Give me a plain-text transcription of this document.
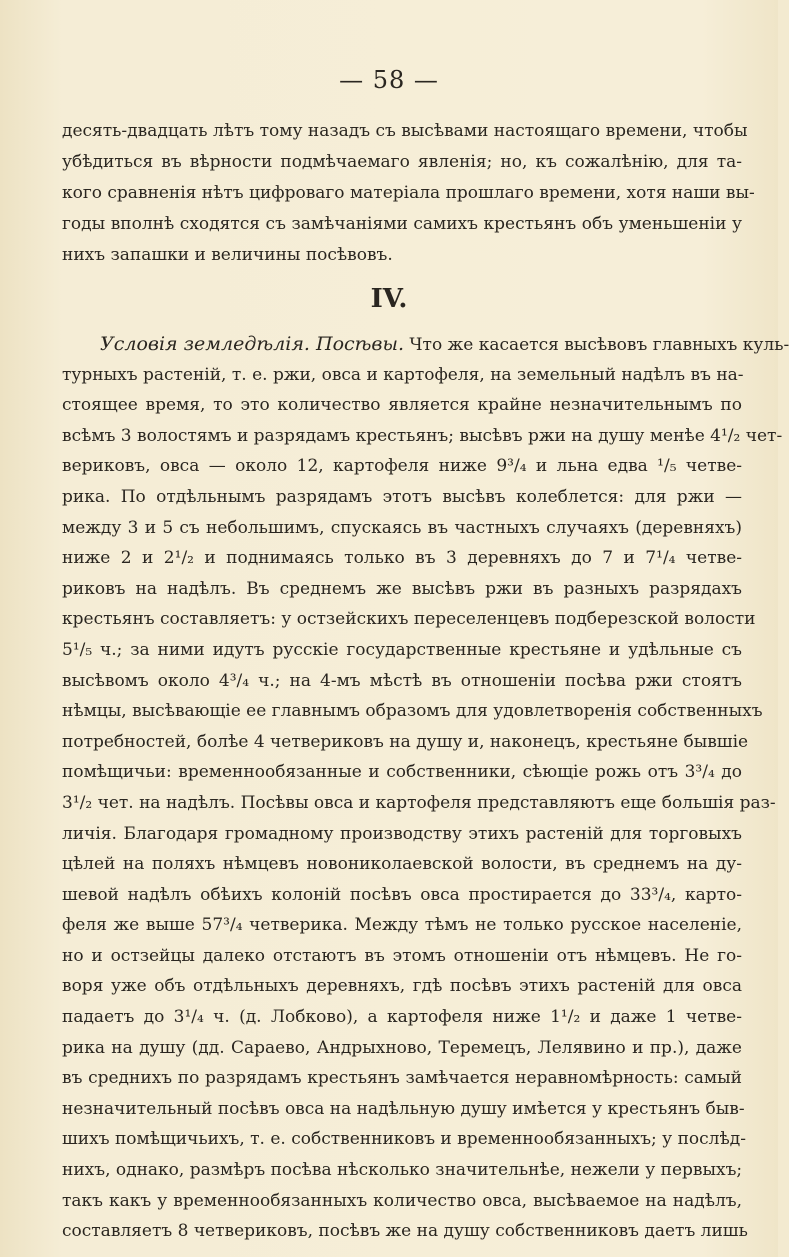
— 58 —
десять-двадцать лѣтъ тому назадъ съ высѣвами настоящаго времени, чтобы
убѣдиться въ вѣрности подмѣчаемаго явленія; но, къ сожалѣнію, для та-
кого сравненія нѣтъ цифроваго матеріала прошлаго времени, хотя наши вы-
годы вполнѣ сходятся съ замѣчаніями самихъ крестьянъ объ уменьшеніи у
нихъ запашки и величины посѣвовъ.
IV.
Условія земледѣлія. Посѣвы. Что же касается высѣвовъ главныхъ куль-
турныхъ растеній, т. е. ржи, овса и картофеля, на земельный надѣлъ въ на-
стоящее время, то это количество является крайне незначительнымъ по
всѣмъ 3 волостямъ и разрядамъ крестьянъ; высѣвъ ржи на душу менѣе 4¹/₂ чет-
вериковъ, овса — около 12, картофеля ниже 9³/₄ и льна едва ¹/₅ четве-
рика. По отдѣльнымъ разрядамъ этотъ высѣвъ колеблется: для ржи —
между 3 и 5 съ небольшимъ, спускаясь въ частныхъ случаяхъ (деревняхъ)
ниже 2 и 2¹/₂ и поднимаясь только въ 3 деревняхъ до 7 и 7¹/₄ четве-
риковъ на надѣлъ. Въ среднемъ же высѣвъ ржи въ разныхъ разрядахъ
крестьянъ составляетъ: у остзейскихъ переселенцевъ подберезской волости
5¹/₅ ч.; за ними идутъ русскіе государственные крестьяне и удѣльные съ
высѣвомъ около 4³/₄ ч.; на 4-мъ мѣстѣ въ отношеніи посѣва ржи стоятъ
нѣмцы, высѣвающіе ее главнымъ образомъ для удовлетворенія собственныхъ
потребностей, болѣе 4 четвериковъ на душу и, наконецъ, крестьяне бывшіе
помѣщичьи: временнообязанные и собственники, сѣющіе рожь отъ 3³/₄ до
3¹/₂ чет. на надѣлъ. Посѣвы овса и картофеля представляютъ еще большія раз-
личія. Благодаря громадному производству этихъ растеній для торговыхъ
цѣлей на поляхъ нѣмцевъ новониколаевской волости, въ среднемъ на ду-
шевой надѣлъ обѣихъ колоній посѣвъ овса простирается до 33³/₄, карто-
феля же выше 57³/₄ четверика. Между тѣмъ не только русское населеніе,
но и остзейцы далеко отстаютъ въ этомъ отношеніи отъ нѣмцевъ. Не го-
воря уже объ отдѣльныхъ деревняхъ, гдѣ посѣвъ этихъ растеній для овса
падаетъ до 3¹/₄ ч. (д. Лобково), а картофеля ниже 1¹/₂ и даже 1 четве-
рика на душу (дд. Сараево, Андрыхново, Теремецъ, Лелявино и пр.), даже
въ среднихъ по разрядамъ крестьянъ замѣчается неравномѣрность: самый
незначительный посѣвъ овса на надѣльную душу имѣется у крестьянъ быв-
шихъ помѣщичьихъ, т. е. собственниковъ и временнообязанныхъ; у послѣд-
нихъ, однако, размѣръ посѣва нѣсколько значительнѣе, нежели у первыхъ;
такъ какъ у временнообязанныхъ количество овса, высѣваемое на надѣлъ,
составляетъ 8 четвериковъ, посѣвъ же на душу собственниковъ даетъ лишь
